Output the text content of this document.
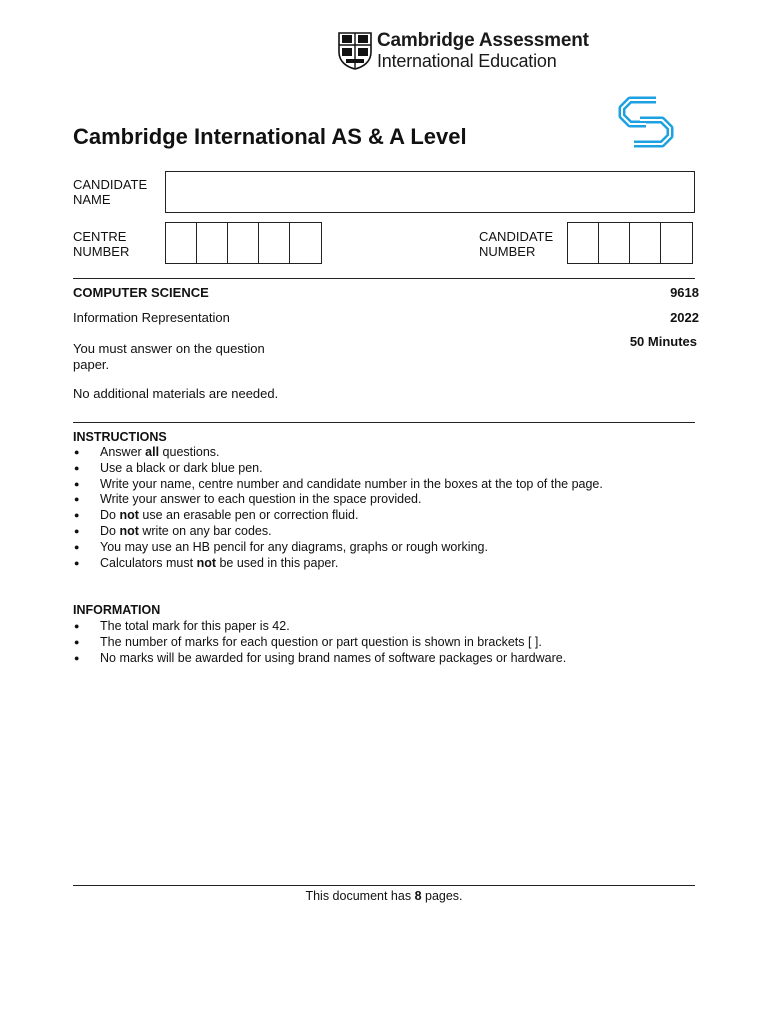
Cambridge Assessment
International Education
Cambridge International AS & A Level
CANDIDATE
NAME
CENTRE
NUMBER
CANDIDATE
NUMBER
COMPUTER SCIENCE	9618
Information Representation	2022
50 Minutes
You must answer on the question
paper.
No additional materials are needed.
INSTRUCTIONS
● Answer all questions.
● Use a black or dark blue pen.
● Write your name, centre number and candidate number in the boxes at the top of the page.
● Write your answer to each question in the space provided.
● Do not use an erasable pen or correction fluid.
● Do not write on any bar codes.
● You may use an HB pencil for any diagrams, graphs or rough working.
● Calculators must not be used in this paper.
INFORMATION
● The total mark for this paper is 42.
● The number of marks for each question or part question is shown in brackets [ ].
● No marks will be awarded for using brand names of software packages or hardware.
This document has 8 pages.
